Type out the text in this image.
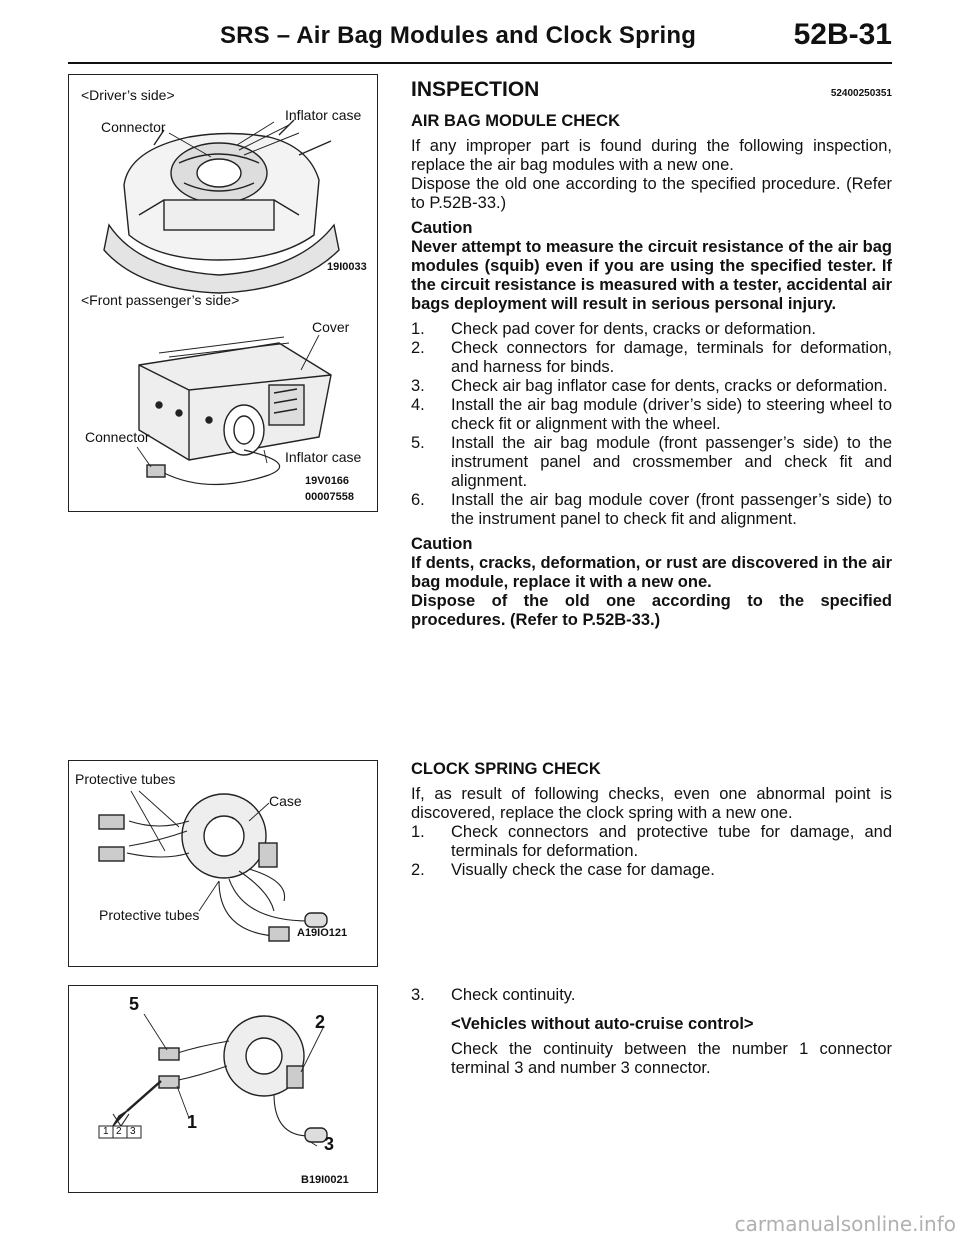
SRS – Air Bag Modules and Clock Spring	52B-31
<Driver’s side>
Connector
Inflator case
19I0033
<Front passenger’s side>
Cover
Connector
Inflator case
19V0166
00007558
Protective tubes
Case
Protective tubes
A19IO121
5
2
1
3
1 2 3
B19I0021
INSPECTION	52400250351
AIR BAG MODULE CHECK

If any improper part is found during the following inspection, replace the air bag modules with a new one.

Dispose the old one according to the specified procedure. (Refer to P.52B-33.)

Caution

Never attempt to measure the circuit resistance of the air bag modules (squib) even if you are using the specified tester. If the circuit resistance is measured with a tester, accidental air bags deployment will result in serious personal injury.

1. Check pad cover for dents, cracks or deformation.
2. Check connectors for damage, terminals for deformation, and harness for binds.
3. Check air bag inflator case for dents, cracks or deformation.
4. Install the air bag module (driver’s side) to steering wheel to check fit or alignment with the wheel.
5. Install the air bag module (front passenger’s side) to the instrument panel and crossmember and check fit and alignment.
6. Install the air bag module cover (front passenger’s side) to the instrument panel to check fit and alignment.
Caution

If dents, cracks, deformation, or rust are discovered in the air bag module, replace it with a new one.

Dispose of the old one according to the specified procedures. (Refer to P.52B-33.)

CLOCK SPRING CHECK

If, as result of following checks, even one abnormal point is discovered, replace the clock spring with a new one.

1. Check connectors and protective tube for damage, and terminals for deformation.
2. Visually check the case for damage.
3. Check continuity.

<Vehicles without auto-cruise control>

Check the continuity between the number 1 connector terminal 3 and number 3 connector.

carmanualsonline.info
